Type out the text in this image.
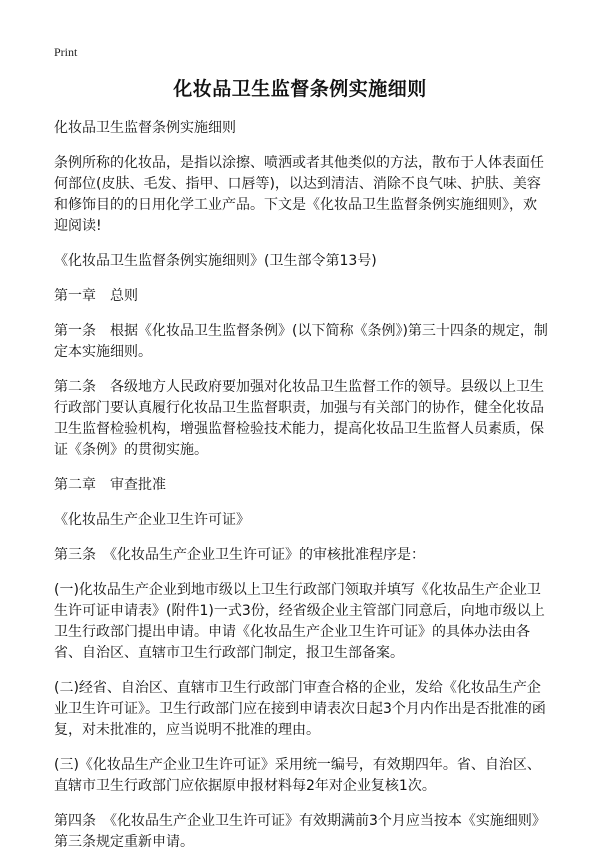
Print
化妆品卫生监督条例实施细则

化妆品卫生监督条例实施细则

条例所称的化妆品，是指以涂擦、喷洒或者其他类似的方法，散布于人体表面任何部位(皮肤、毛发、指甲、口唇等)，以达到清洁、消除不良气味、护肤、美容和修饰目的的日用化学工业产品。下文是《化妆品卫生监督条例实施细则》，欢迎阅读!

《化妆品卫生监督条例实施细则》(卫生部令第13号)

第一章　总则

第一条　根据《化妆品卫生监督条例》(以下简称《条例》)第三十四条的规定，制定本实施细则。

第二条　各级地方人民政府要加强对化妆品卫生监督工作的领导。县级以上卫生行政部门要认真履行化妆品卫生监督职责，加强与有关部门的协作，健全化妆品卫生监督检验机构，增强监督检验技术能力，提高化妆品卫生监督人员素质，保证《条例》的贯彻实施。

第二章　审查批准

《化妆品生产企业卫生许可证》

第三条　《化妆品生产企业卫生许可证》的审核批准程序是：

(一)化妆品生产企业到地市级以上卫生行政部门领取并填写《化妆品生产企业卫生许可证申请表》(附件1)一式3份，经省级企业主管部门同意后，向地市级以上卫生行政部门提出申请。申请《化妆品生产企业卫生许可证》的具体办法由各省、自治区、直辖市卫生行政部门制定，报卫生部备案。

(二)经省、自治区、直辖市卫生行政部门审查合格的企业，发给《化妆品生产企业卫生许可证》。卫生行政部门应在接到申请表次日起3个月内作出是否批准的函复，对未批准的，应当说明不批准的理由。

(三)《化妆品生产企业卫生许可证》采用统一编号，有效期四年。省、自治区、直辖市卫生行政部门应依据原申报材料每2年对企业复核1次。

第四条　《化妆品生产企业卫生许可证》有效期满前3个月应当按本《实施细则》第三条规定重新申请。
